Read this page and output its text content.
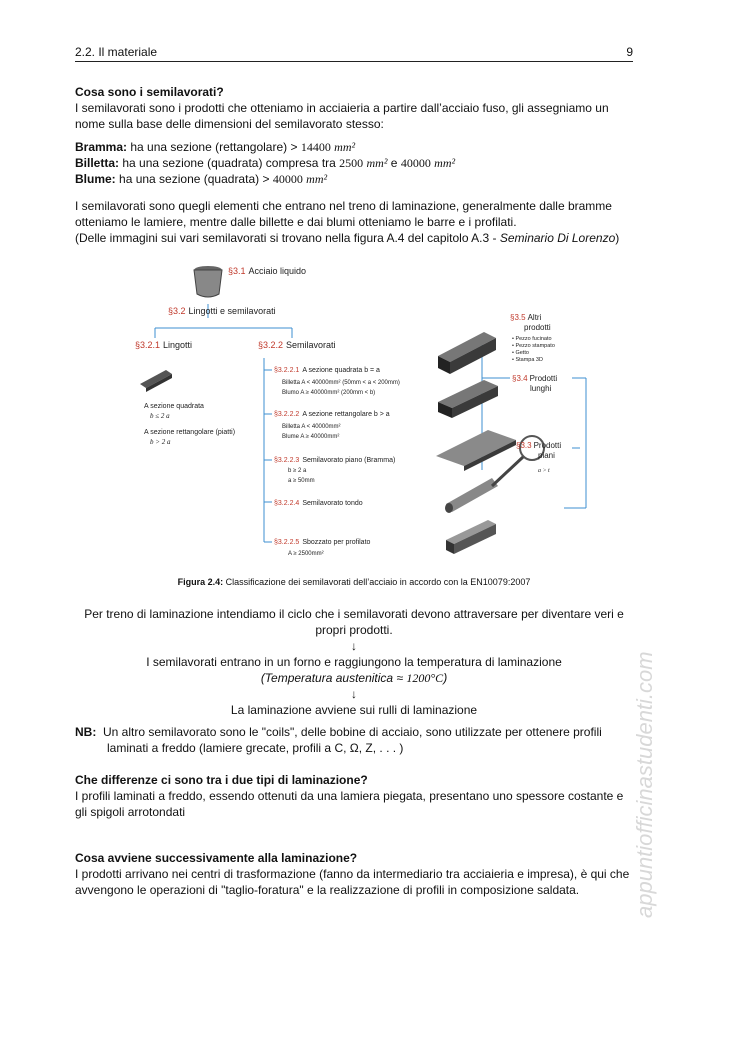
2.2. Il materiale	9
Cosa sono i semilavorati?
I semilavorati sono i prodotti che otteniamo in acciaieria a partire dall’acciaio fuso, gli assegniamo un nome sulla base delle dimensioni del semilavorato stesso:
Bramma: ha una sezione (rettangolare) > 14400 mm²
Billetta: ha una sezione (quadrata) compresa tra 2500 mm² e 40000 mm²
Blume: ha una sezione (quadrata) > 40000 mm²
I semilavorati sono quegli elementi che entrano nel treno di laminazione, generalmente dalle bramme otteniamo le lamiere, mentre dalle billette e dai blumi otteniamo le barre e i profilati.
(Delle immagini sui vari semilavorati si trovano nella figura A.4 del capitolo A.3 - Seminario Di Lorenzo)
§3.1 Acciaio liquido
§3.2 Lingotti e semilavorati
§3.2.1 Lingotti	§3.2.2 Semilavorati
A sezione quadrata
b ≤ 2 a
A sezione rettangolare (piatti)
b > 2 a
§3.2.2.1 A sezione quadrata b = a
Billetta A < 40000mm² (50mm < a < 200mm)
Blumo A ≥ 40000mm² (200mm < b)
§3.2.2.2 A sezione rettangolare b > a
Billetta A < 40000mm²
Blume A ≥ 40000mm²
§3.2.2.3 Semilavorato piano (Bramma)
b ≥ 2 a
a ≥ 50mm
§3.2.2.4 Semilavorato tondo
§3.2.2.5 Sbozzato per profilato
A ≥ 2500mm²
§3.5 Altri
prodotti
• Pezzo fucinato
• Pezzo stampato
• Getto
• Stampa 3D
§3.4 Prodotti
lunghi
§3.3 Prodotti
piani
a > t
Figura 2.4: Classificazione dei semilavorati dell’acciaio in accordo con la EN10079:2007
Per treno di laminazione intendiamo il ciclo che i semilavorati devono attraversare per diventare veri e propri prodotti.
↓
I semilavorati entrano in un forno e raggiungono la temperatura di laminazione
(Temperatura austenitica ≈ 1200°C)
↓
La laminazione avviene sui rulli di laminazione
NB: Un altro semilavorato sono le "coils", delle bobine di acciaio, sono utilizzate per ottenere profili laminati a freddo (lamiere grecate, profili a C, Ω, Z, . . . )
Che differenze ci sono tra i due tipi di laminazione?
I profili laminati a freddo, essendo ottenuti da una lamiera piegata, presentano uno spessore costante e gli spigoli arrotondati
Cosa avviene successivamente alla laminazione?
I prodotti arrivano nei centri di trasformazione (fanno da intermediario tra acciaieria e impresa), è qui che avvengono le operazioni di "taglio-foratura" e la realizzazione di profili in composizione saldata.	appuntiofficinastudenti.com
